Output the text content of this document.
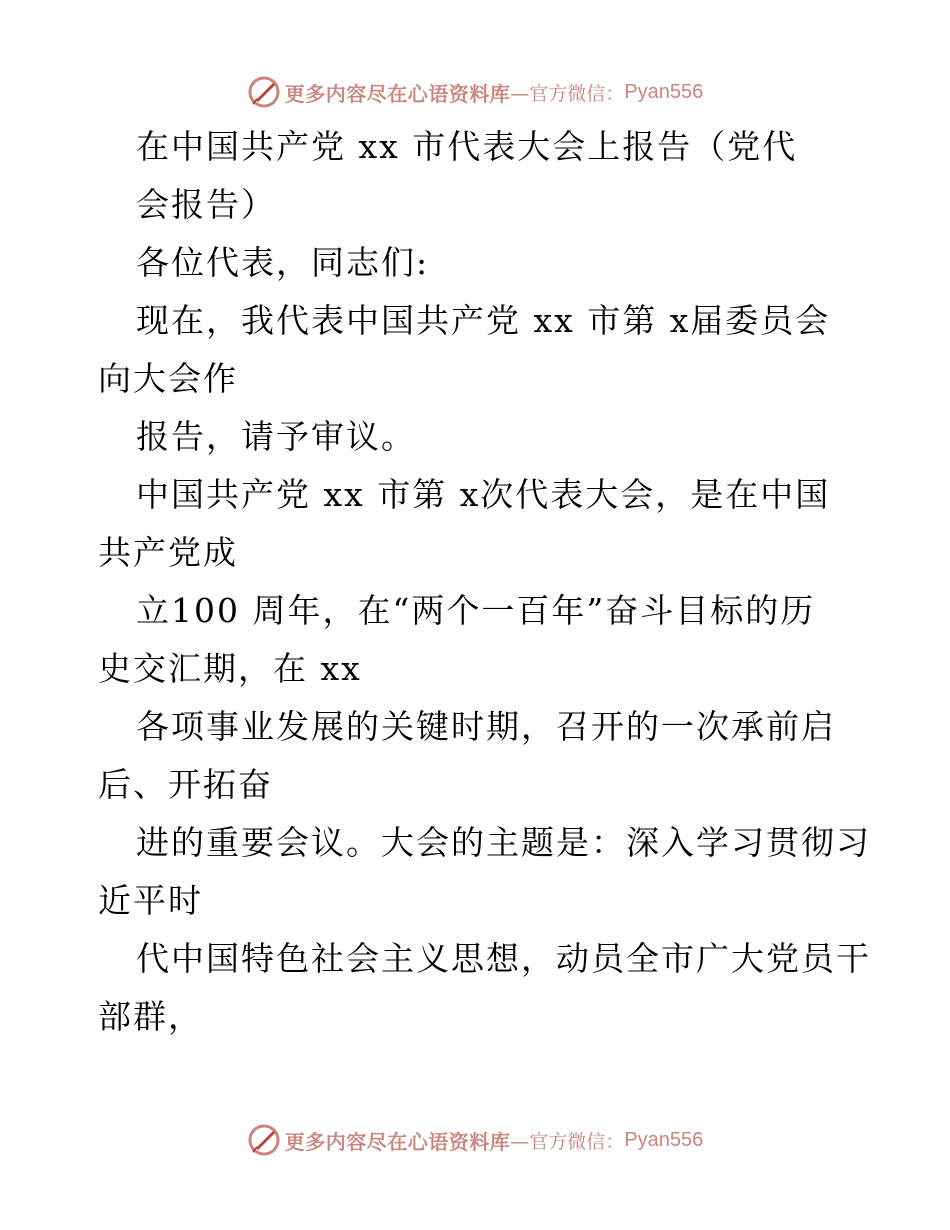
更多内容尽在心语资料库 —官方微信： Pyan556
在中国共产党 xx 市代表大会上报告（党代
会报告）
各位代表，同志们:
现在，我代表中国共产党 xx 市第 x届委员会
向大会作
报告，请予审议。
中国共产党 xx 市第 x次代表大会，是在中国
共产党成
立100 周年，在“两个一百年”奋斗目标的历
史交汇期，在 xx
各项事业发展的关键时期，召开的一次承前启
后、开拓奋
进的重要会议。大会的主题是：深入学习贯彻习
近平时
代中国特色社会主义思想，动员全市广大党员干
部群，
更多内容尽在心语资料库 —官方微信： Pyan556
